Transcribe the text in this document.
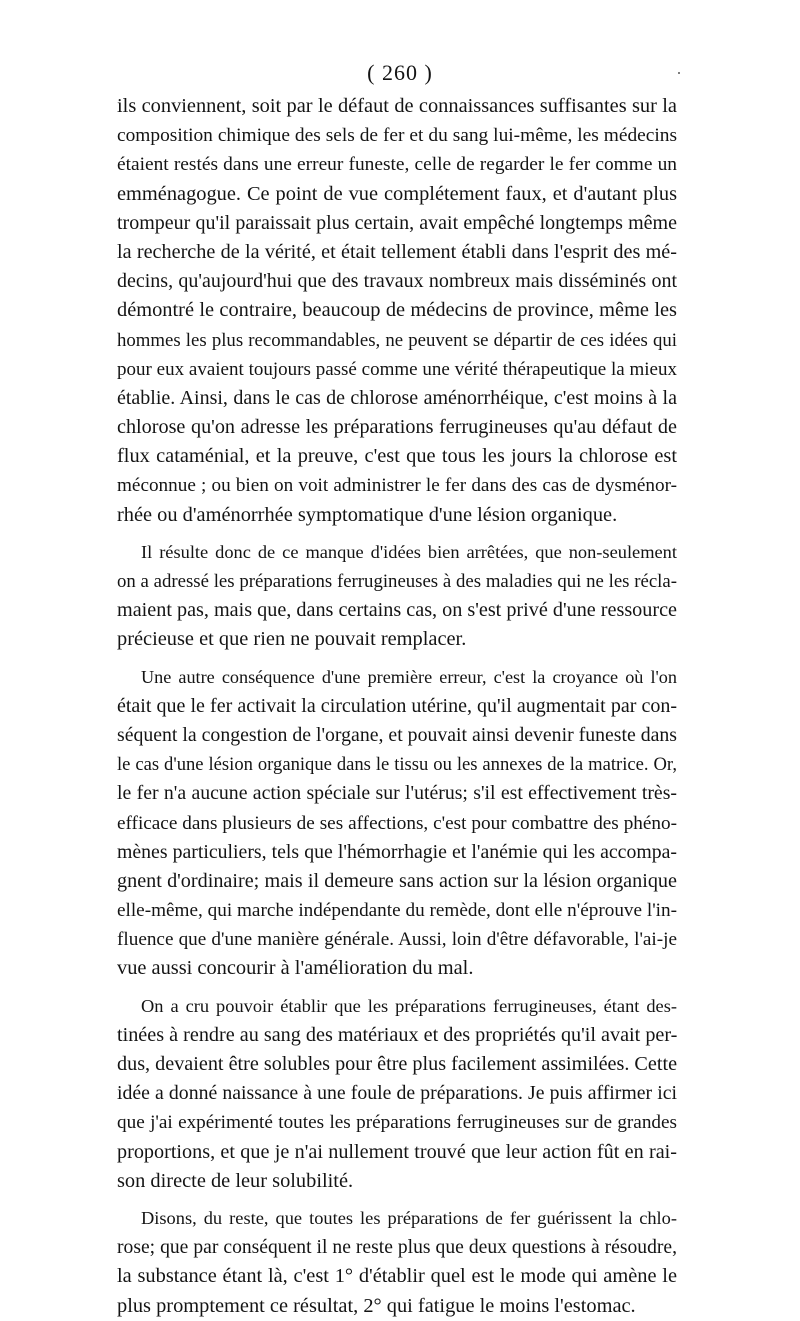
( 260 )
ils conviennent, soit par le défaut de connaissances suffisantes sur la
composition chimique des sels de fer et du sang lui-même, les médecins
étaient restés dans une erreur funeste, celle de regarder le fer comme un
emménagogue. Ce point de vue complétement faux, et d'autant plus
trompeur qu'il paraissait plus certain, avait empêché longtemps même
la recherche de la vérité, et était tellement établi dans l'esprit des mé-
decins, qu'aujourd'hui que des travaux nombreux mais disséminés ont
démontré le contraire, beaucoup de médecins de province, même les
hommes les plus recommandables, ne peuvent se départir de ces idées qui
pour eux avaient toujours passé comme une vérité thérapeutique la mieux
établie. Ainsi, dans le cas de chlorose aménorrhéique, c'est moins à la
chlorose qu'on adresse les préparations ferrugineuses qu'au défaut de
flux cataménial, et la preuve, c'est que tous les jours la chlorose est
méconnue ; ou bien on voit administrer le fer dans des cas de dysménor-
rhée ou d'aménorrhée symptomatique d'une lésion organique.
Il résulte donc de ce manque d'idées bien arrêtées, que non-seulement
on a adressé les préparations ferrugineuses à des maladies qui ne les récla-
maient pas, mais que, dans certains cas, on s'est privé d'une ressource
précieuse et que rien ne pouvait remplacer.
Une autre conséquence d'une première erreur, c'est la croyance où l'on
était que le fer activait la circulation utérine, qu'il augmentait par con-
séquent la congestion de l'organe, et pouvait ainsi devenir funeste dans
le cas d'une lésion organique dans le tissu ou les annexes de la matrice. Or,
le fer n'a aucune action spéciale sur l'utérus; s'il est effectivement très-
efficace dans plusieurs de ses affections, c'est pour combattre des phéno-
mènes particuliers, tels que l'hémorrhagie et l'anémie qui les accompa-
gnent d'ordinaire; mais il demeure sans action sur la lésion organique
elle-même, qui marche indépendante du remède, dont elle n'éprouve l'in-
fluence que d'une manière générale. Aussi, loin d'être défavorable, l'ai-je
vue aussi concourir à l'amélioration du mal.
On a cru pouvoir établir que les préparations ferrugineuses, étant des-
tinées à rendre au sang des matériaux et des propriétés qu'il avait per-
dus, devaient être solubles pour être plus facilement assimilées. Cette
idée a donné naissance à une foule de préparations. Je puis affirmer ici
que j'ai expérimenté toutes les préparations ferrugineuses sur de grandes
proportions, et que je n'ai nullement trouvé que leur action fût en rai-
son directe de leur solubilité.
Disons, du reste, que toutes les préparations de fer guérissent la chlo-
rose; que par conséquent il ne reste plus que deux questions à résoudre,
la substance étant là, c'est 1° d'établir quel est le mode qui amène le
plus promptement ce résultat, 2° qui fatigue le moins l'estomac.
